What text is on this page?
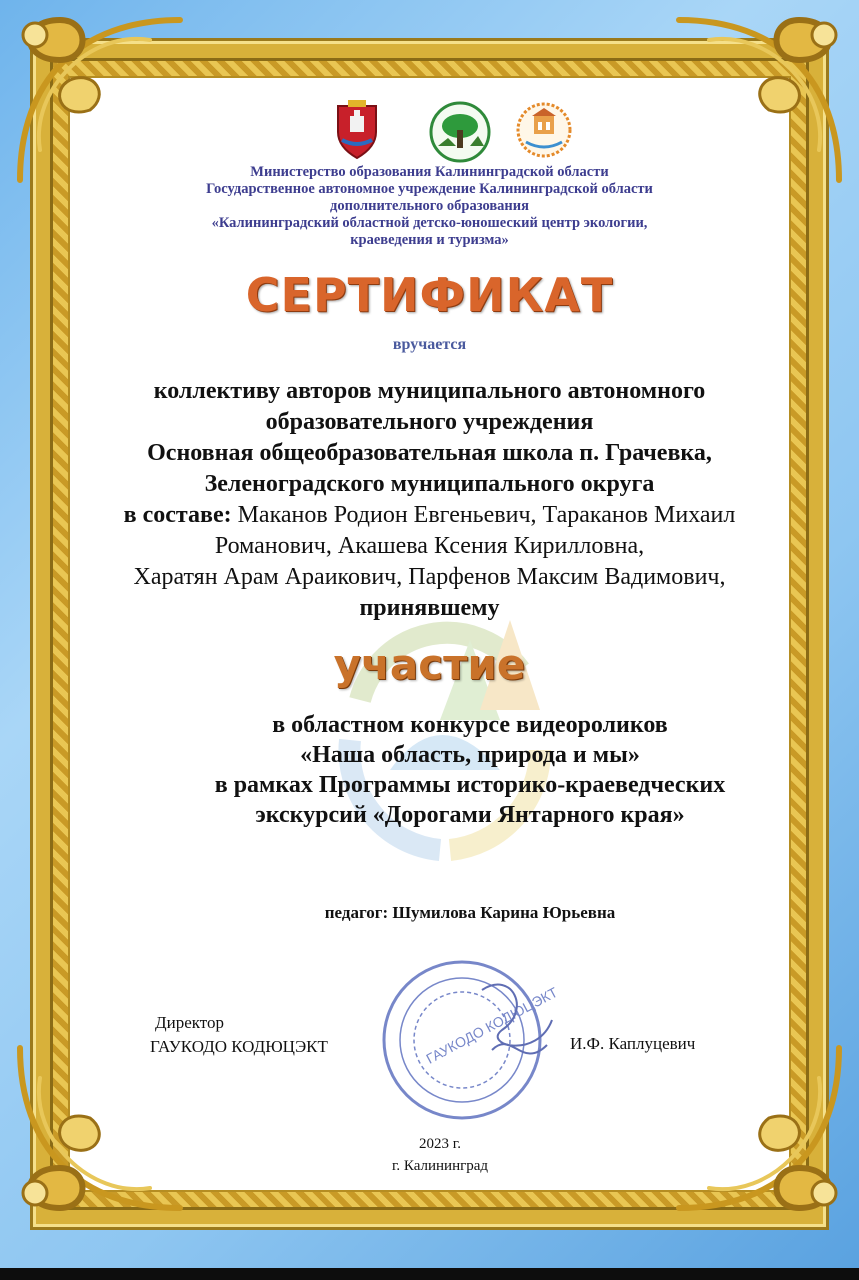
Министерство образования Калининградской области
Государственное автономное учреждение Калининградской области
дополнительного образования
«Калининградский областной детско-юношеский центр экологии,
краеведения и туризма»
СЕРТИФИКАТ
вручается
коллективу авторов муниципального автономного
образовательного учреждения
Основная общеобразовательная школа п. Грачевка,
Зеленоградского муниципального округа
в составе: Маканов Родион Евгеньевич, Тараканов Михаил
Романович, Акашева Ксения Кирилловна,
Харатян Арам Араикович, Парфенов Максим Вадимович,
принявшему
участие
в областном конкурсе видеороликов
«Наша область, природа и мы»
в рамках Программы историко-краеведческих
экскурсий «Дорогами Янтарного края»
педагог: Шумилова Карина Юрьевна
ГАУКОДО КОДЮЦЭКТ
Директор
ГАУКОДО КОДЮЦЭКТ	И.Ф. Каплуцевич
2023 г.
г. Калининград
